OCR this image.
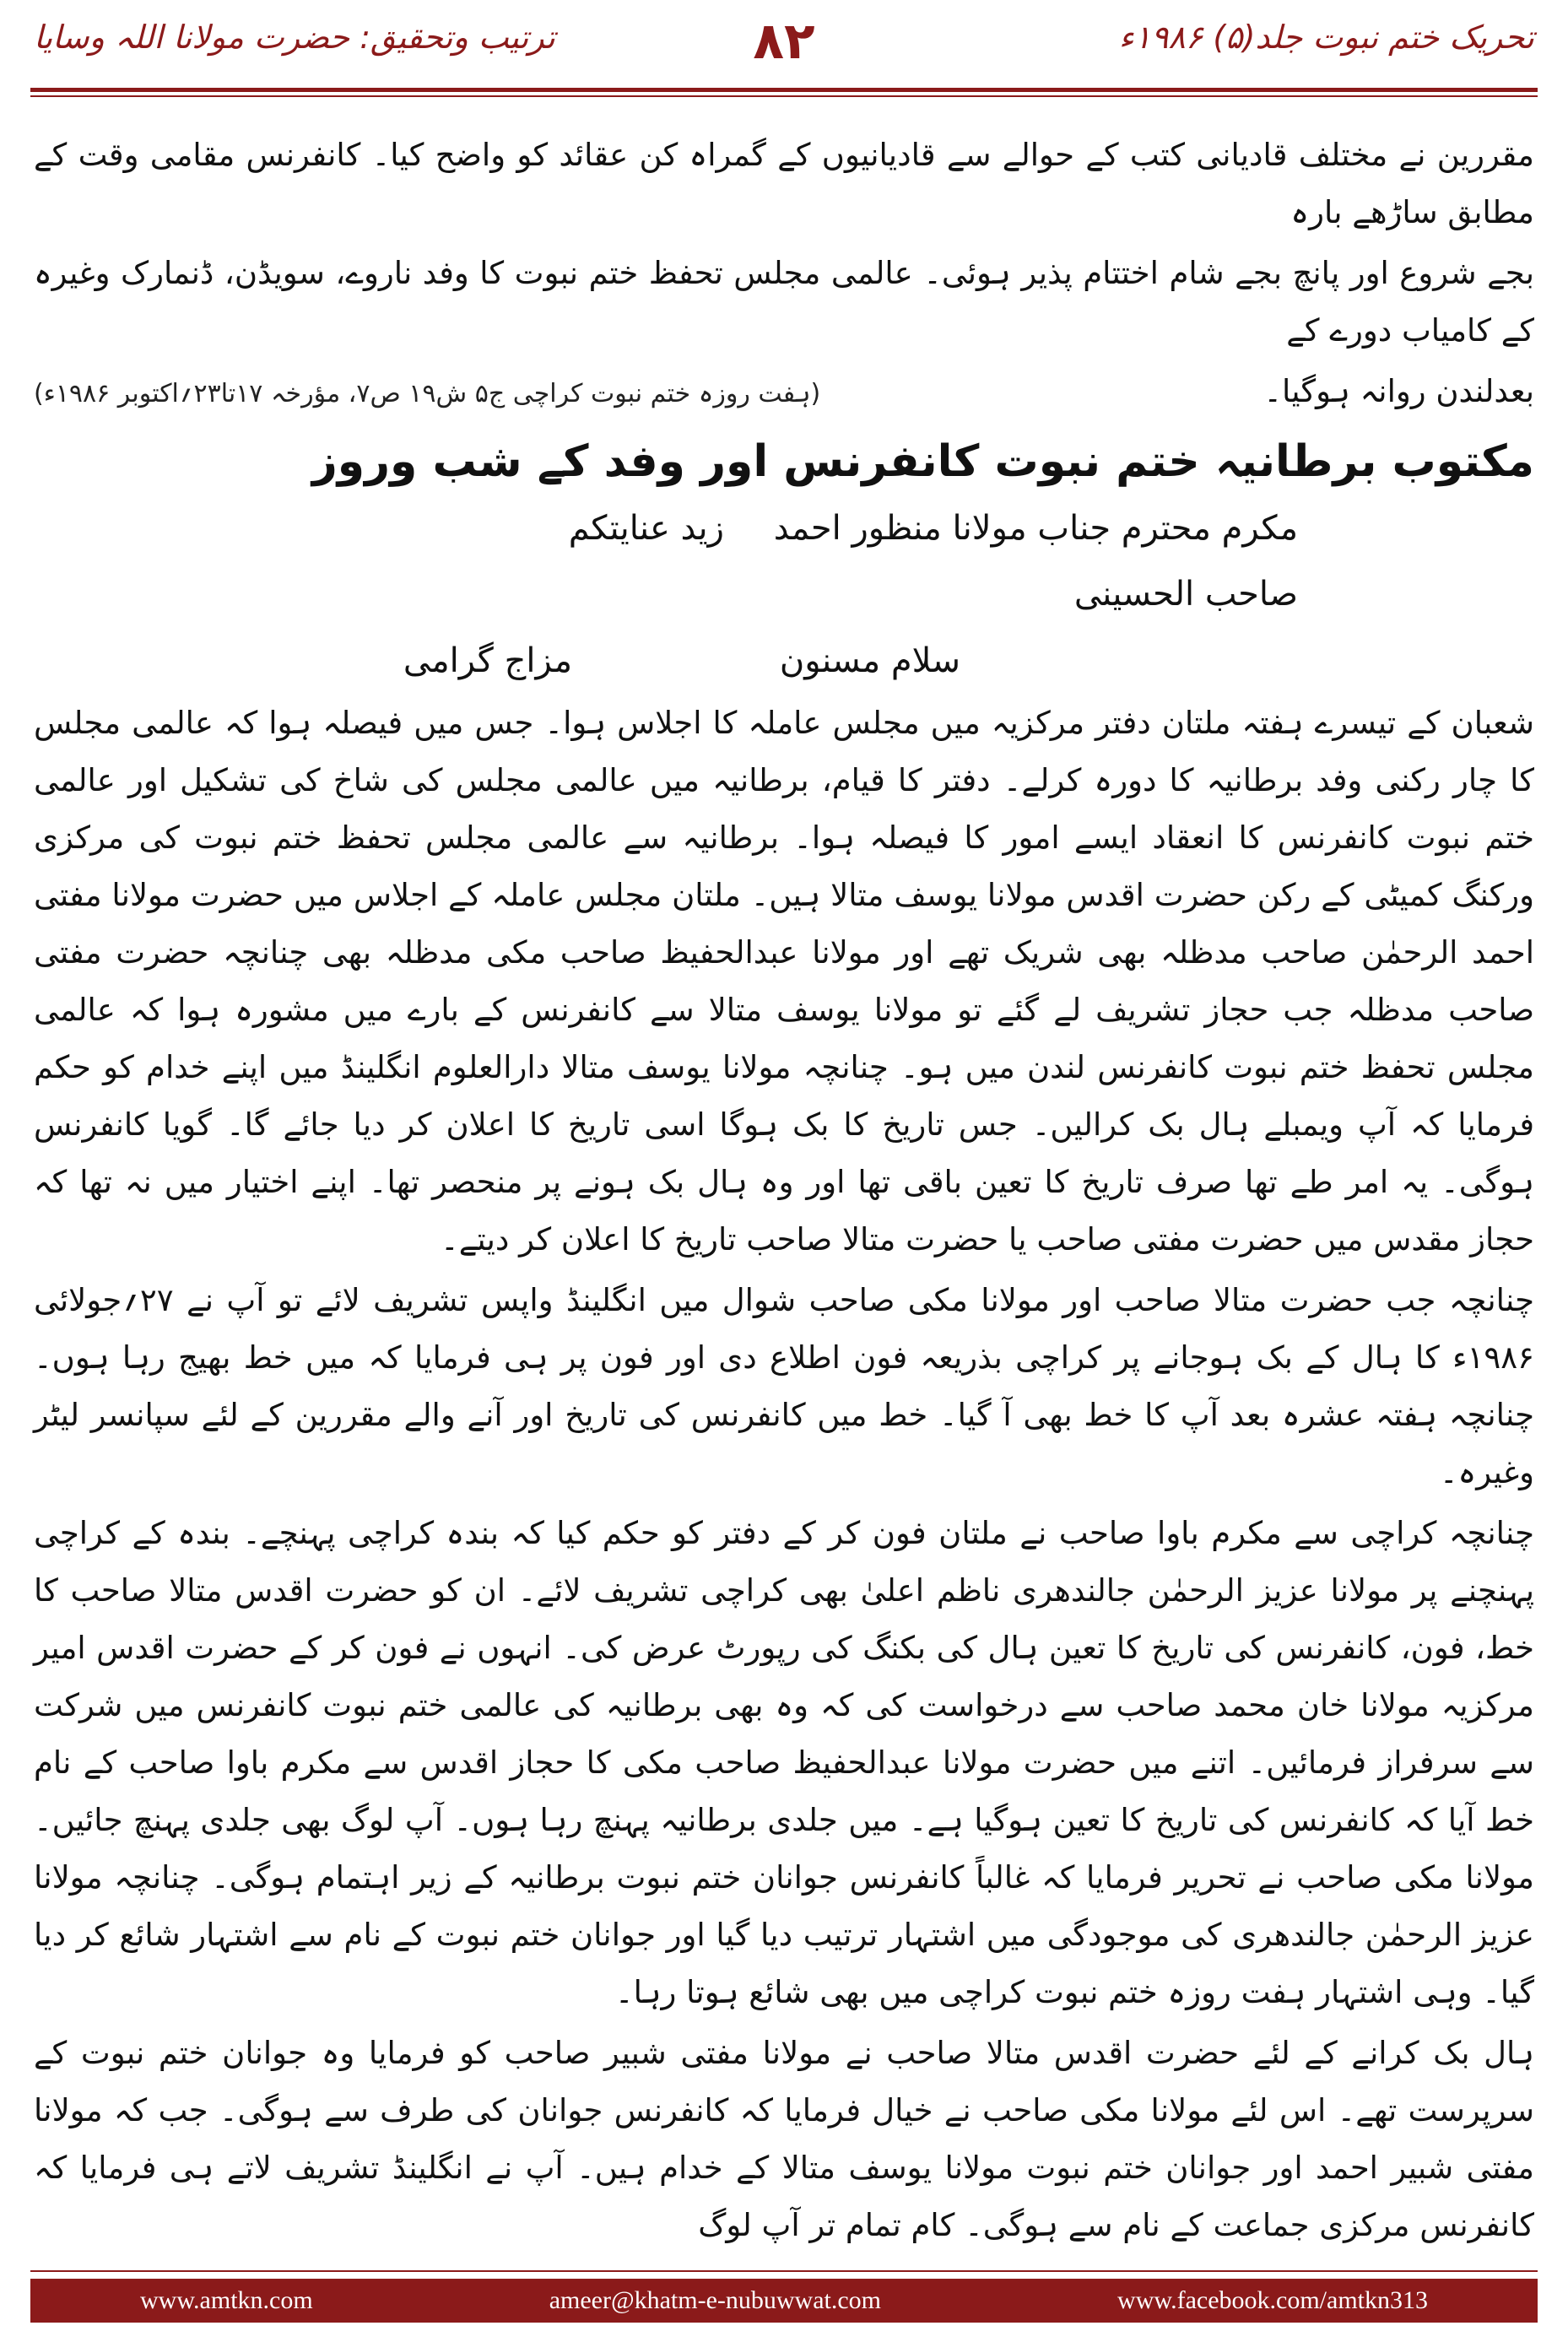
تحریک ختم نبوت جلد(۵) ۱۹۸۶ء
۸۲
ترتیب وتحقیق: حضرت مولانا اللہ وسایا

مقررین نے مختلف قادیانی کتب کے حوالے سے قادیانیوں کے گمراہ کن عقائد کو واضح کیا۔ کانفرنس مقامی وقت کے مطابق ساڑھے بارہ

بجے شروع اور پانچ بجے شام اختتام پذیر ہوئی۔ عالمی مجلس تحفظ ختم نبوت کا وفد ناروے، سویڈن، ڈنمارک وغیرہ کے کامیاب دورے کے

بعدلندن روانہ ہوگیا۔
(ہفت روزہ ختم نبوت کراچی ج۵ ش۱۹ ص۷، مؤرخہ ۱۷تا۲۳؍اکتوبر ۱۹۸۶ء)
مکتوب برطانیہ ختم نبوت کانفرنس اور وفد کے شب وروز
مکرم محترم جناب مولانا منظور احمد صاحب الحسینی
زید عنایتکم
سلام مسنون
مزاج گرامی

شعبان کے تیسرے ہفتہ ملتان دفتر مرکزیہ میں مجلس عاملہ کا اجلاس ہوا۔ جس میں فیصلہ ہوا کہ عالمی مجلس کا چار رکنی وفد برطانیہ کا دورہ کرلے۔ دفتر کا قیام، برطانیہ میں عالمی مجلس کی شاخ کی تشکیل اور عالمی ختم نبوت کانفرنس کا انعقاد ایسے امور کا فیصلہ ہوا۔ برطانیہ سے عالمی مجلس تحفظ ختم نبوت کی مرکزی ورکنگ کمیٹی کے رکن حضرت اقدس مولانا یوسف متالا ہیں۔ ملتان مجلس عاملہ کے اجلاس میں حضرت مولانا مفتی احمد الرحمٰن صاحب مدظلہ بھی شریک تھے اور مولانا عبدالحفیظ صاحب مکی مدظلہ بھی چنانچہ حضرت مفتی صاحب مدظلہ جب حجاز تشریف لے گئے تو مولانا یوسف متالا سے کانفرنس کے بارے میں مشورہ ہوا کہ عالمی مجلس تحفظ ختم نبوت کانفرنس لندن میں ہو۔ چنانچہ مولانا یوسف متالا دارالعلوم انگلینڈ میں اپنے خدام کو حکم فرمایا کہ آپ ویمبلے ہال بک کرالیں۔ جس تاریخ کا بک ہوگا اسی تاریخ کا اعلان کر دیا جائے گا۔ گویا کانفرنس ہوگی۔ یہ امر طے تھا صرف تاریخ کا تعین باقی تھا اور وہ ہال بک ہونے پر منحصر تھا۔ اپنے اختیار میں نہ تھا کہ حجاز مقدس میں حضرت مفتی صاحب یا حضرت متالا صاحب تاریخ کا اعلان کر دیتے۔

چنانچہ جب حضرت متالا صاحب اور مولانا مکی صاحب شوال میں انگلینڈ واپس تشریف لائے تو آپ نے ۲۷؍جولائی ۱۹۸۶ء کا ہال کے بک ہوجانے پر کراچی بذریعہ فون اطلاع دی اور فون پر ہی فرمایا کہ میں خط بھیج رہا ہوں۔ چنانچہ ہفتہ عشرہ بعد آپ کا خط بھی آ گیا۔ خط میں کانفرنس کی تاریخ اور آنے والے مقررین کے لئے سپانسر لیٹر وغیرہ۔

چنانچہ کراچی سے مکرم باوا صاحب نے ملتان فون کر کے دفتر کو حکم کیا کہ بندہ کراچی پہنچے۔ بندہ کے کراچی پہنچنے پر مولانا عزیز الرحمٰن جالندھری ناظم اعلیٰ بھی کراچی تشریف لائے۔ ان کو حضرت اقدس متالا صاحب کا خط، فون، کانفرنس کی تاریخ کا تعین ہال کی بکنگ کی رپورٹ عرض کی۔ انہوں نے فون کر کے حضرت اقدس امیر مرکزیہ مولانا خان محمد صاحب سے درخواست کی کہ وہ بھی برطانیہ کی عالمی ختم نبوت کانفرنس میں شرکت سے سرفراز فرمائیں۔ اتنے میں حضرت مولانا عبدالحفیظ صاحب مکی کا حجاز اقدس سے مکرم باوا صاحب کے نام خط آیا کہ کانفرنس کی تاریخ کا تعین ہوگیا ہے۔ میں جلدی برطانیہ پہنچ رہا ہوں۔ آپ لوگ بھی جلدی پہنچ جائیں۔ مولانا مکی صاحب نے تحریر فرمایا کہ غالباً کانفرنس جوانان ختم نبوت برطانیہ کے زیر اہتمام ہوگی۔ چنانچہ مولانا عزیز الرحمٰن جالندھری کی موجودگی میں اشتہار ترتیب دیا گیا اور جوانان ختم نبوت کے نام سے اشتہار شائع کر دیا گیا۔ وہی اشتہار ہفت روزہ ختم نبوت کراچی میں بھی شائع ہوتا رہا۔

ہال بک کرانے کے لئے حضرت اقدس متالا صاحب نے مولانا مفتی شبیر صاحب کو فرمایا وہ جوانان ختم نبوت کے سرپرست تھے۔ اس لئے مولانا مکی صاحب نے خیال فرمایا کہ کانفرنس جوانان کی طرف سے ہوگی۔ جب کہ مولانا مفتی شبیر احمد اور جوانان ختم نبوت مولانا یوسف متالا کے خدام ہیں۔ آپ نے انگلینڈ تشریف لاتے ہی فرمایا کہ کانفرنس مرکزی جماعت کے نام سے ہوگی۔ کام تمام تر آپ لوگ

www.amtkn.com	ameer@khatm-e-nubuwwat.com	www.facebook.com/amtkn313
